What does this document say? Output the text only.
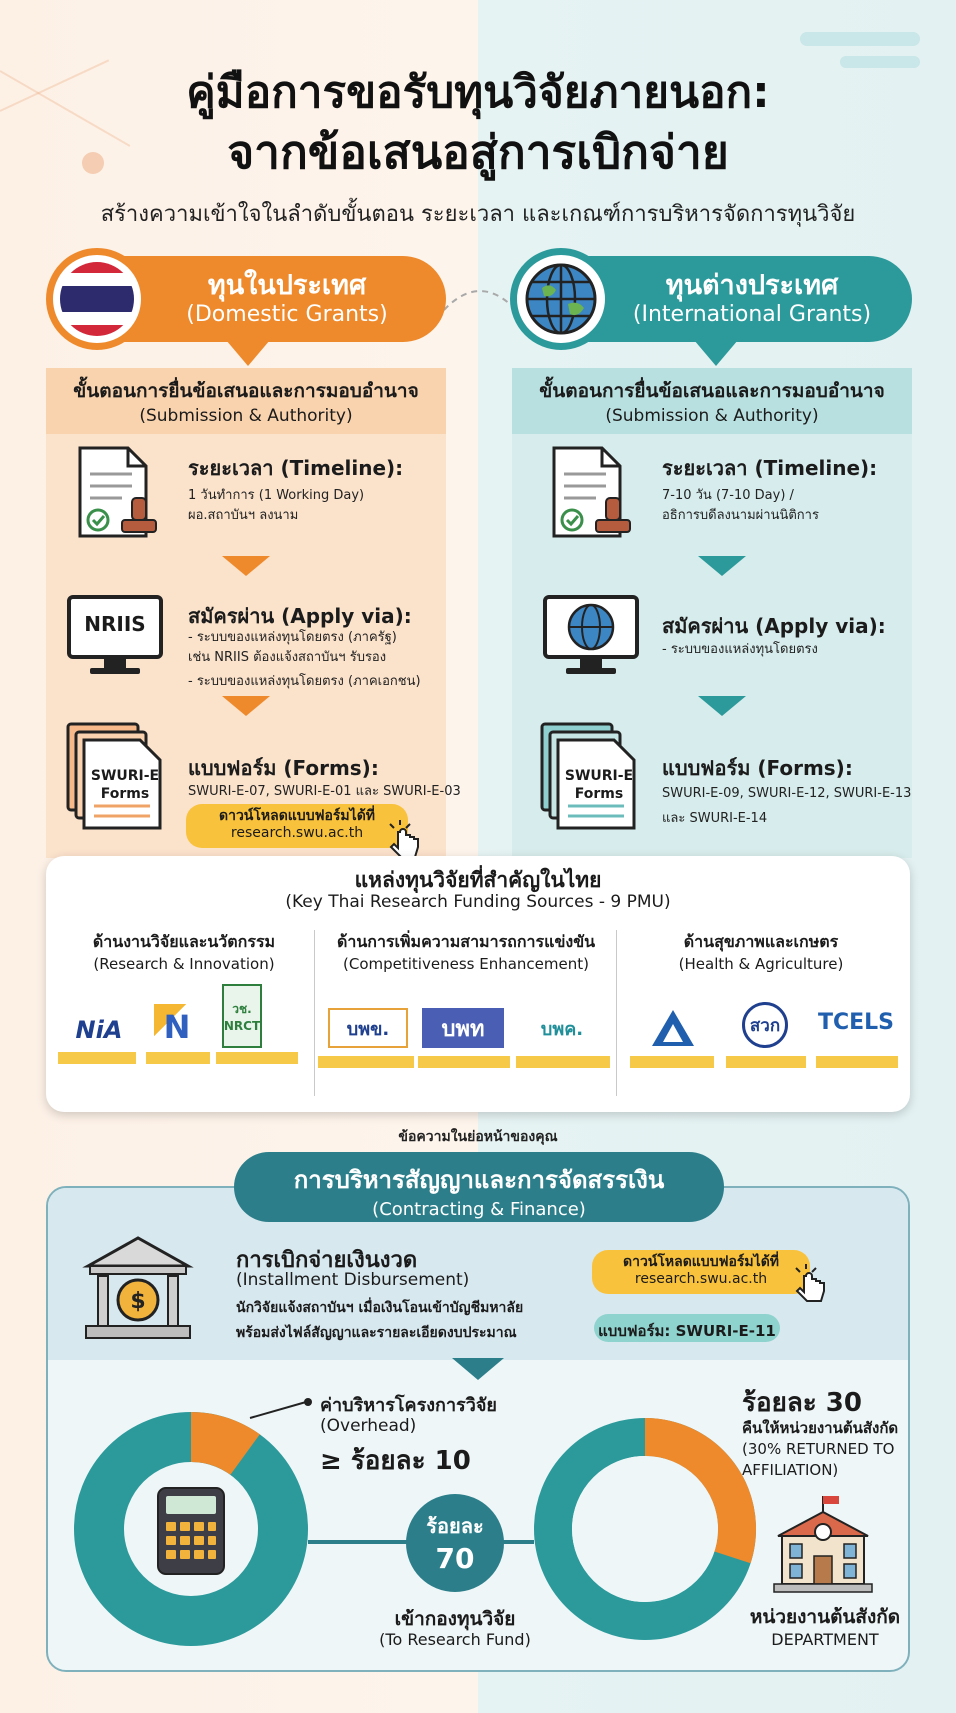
คู่มือการขอรับทุนวิจัยภายนอก:
จากข้อเสนอสู่การเบิกจ่าย
สร้างความเข้าใจในลำดับขั้นตอน ระยะเวลา และเกณฑ์การบริหารจัดการทุนวิจัย
ขั้นตอนการยื่นข้อเสนอและการมอบอำนาจ
(Submission & Authority)
ทุนในประเทศ
(Domestic Grants)
ระยะเวลา (Timeline):
1 วันทำการ (1 Working Day)
ผอ.สถาบันฯ ลงนาม
NRIIS	สมัครผ่าน (Apply via):
- ระบบของแหล่งทุนโดยตรง (ภาครัฐ)
เช่น NRIIS ต้องแจ้งสถาบันฯ รับรอง
- ระบบของแหล่งทุนโดยตรง (ภาคเอกชน)
SWURI-E
Forms
แบบฟอร์ม (Forms):
SWURI-E-07, SWURI-E-01 และ SWURI-E-03
ดาวน์โหลดแบบฟอร์มได้ที่
research.swu.ac.th
ขั้นตอนการยื่นข้อเสนอและการมอบอำนาจ
(Submission & Authority)
ทุนต่างประเทศ
(International Grants)
ระยะเวลา (Timeline):
7-10 วัน (7-10 Day) /
อธิการบดีลงนามผ่านนิติการ
สมัครผ่าน (Apply via):
- ระบบของแหล่งทุนโดยตรง
SWURI-E
Forms
แบบฟอร์ม (Forms):
SWURI-E-09, SWURI-E-12, SWURI-E-13
และ SWURI-E-14
แหล่งทุนวิจัยที่สำคัญในไทย
(Key Thai Research Funding Sources - 9 PMU)
ด้านงานวิจัยและนวัตกรรม
(Research & Innovation)
ด้านการเพิ่มความสามารถการแข่งขัน
(Competitiveness Enhancement)
ด้านสุขภาพและเกษตร
(Health & Agriculture)
NiA	N	วช.
NRCT	บพข.	บพท	บพค.	สวก	TCELS
ข้อความในย่อหน้าของคุณ
การบริหารสัญญาและการจัดสรรเงิน
(Contracting & Finance)
$
การเบิกจ่ายเงินงวด
(Installment Disbursement)
นักวิจัยแจ้งสถาบันฯ เมื่อเงินโอนเข้าบัญชีมหาลัย
พร้อมส่งไฟล์สัญญาและรายละเอียดงบประมาณ
ดาวน์โหลดแบบฟอร์มได้ที่
research.swu.ac.th
แบบฟอร์ม: SWURI-E-11
ค่าบริหารโครงการวิจัย
(Overhead)
≥ ร้อยละ 10
ร้อยละ
70
เข้ากองทุนวิจัย
(To Research Fund)
ร้อยละ 30
คืนให้หน่วยงานต้นสังกัด
(30% RETURNED TO
AFFILIATION)
หน่วยงานต้นสังกัด
DEPARTMENT
